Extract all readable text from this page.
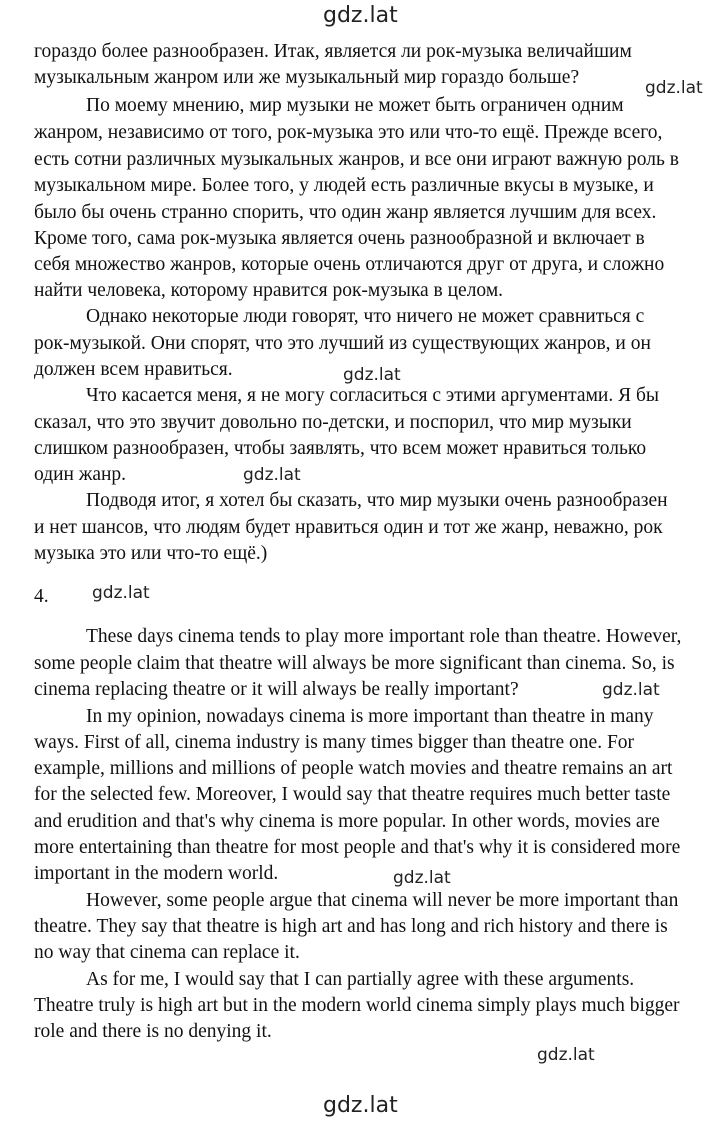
gdz.lat
gdz.lat
gdz.lat
gdz.lat
gdz.lat
gdz.lat
gdz.lat
gdz.lat
gdz.lat
гораздо более разнообразен. Итак, является ли рок-музыка величайшим
музыкальным жанром или же музыкальный мир гораздо больше?
По моему мнению, мир музыки не может быть ограничен одним
жанром, независимо от того, рок-музыка это или что-то ещё. Прежде всего,
есть сотни различных музыкальных жанров, и все они играют важную роль в
музыкальном мире. Более того, у людей есть различные вкусы в музыке, и
было бы очень странно спорить, что один жанр является лучшим для всех.
Кроме того, сама рок-музыка является очень разнообразной и включает в
себя множество жанров, которые очень отличаются друг от друга, и сложно
найти человека, которому нравится рок-музыка в целом.
Однако некоторые люди говорят, что ничего не может сравниться с
рок-музыкой. Они спорят, что это лучший из существующих жанров, и он
должен всем нравиться.
Что касается меня, я не могу согласиться с этими аргументами. Я бы
сказал, что это звучит довольно по-детски, и поспорил, что мир музыки
слишком разнообразен, чтобы заявлять, что всем может нравиться только
один жанр.
Подводя итог, я хотел бы сказать, что мир музыки очень разнообразен
и нет шансов, что людям будет нравиться один и тот же жанр, неважно, рок
музыка это или что-то ещё.)
4.
These days cinema tends to play more important role than theatre. However,
some people claim that theatre will always be more significant than cinema. So, is
cinema replacing theatre or it will always be really important?
In my opinion, nowadays cinema is more important than theatre in many
ways. First of all, cinema industry is many times bigger than theatre one. For
example, millions and millions of people watch movies and theatre remains an art
for the selected few. Moreover, I would say that theatre requires much better taste
and erudition and that's why cinema is more popular. In other words, movies are
more entertaining than theatre for most people and that's why it is considered more
important in the modern world.
However, some people argue that cinema will never be more important than
theatre. They say that theatre is high art and has long and rich history and there is
no way that cinema can replace it.
As for me, I would say that I can partially agree with these arguments.
Theatre truly is high art but in the modern world cinema simply plays much bigger
role and there is no denying it.
